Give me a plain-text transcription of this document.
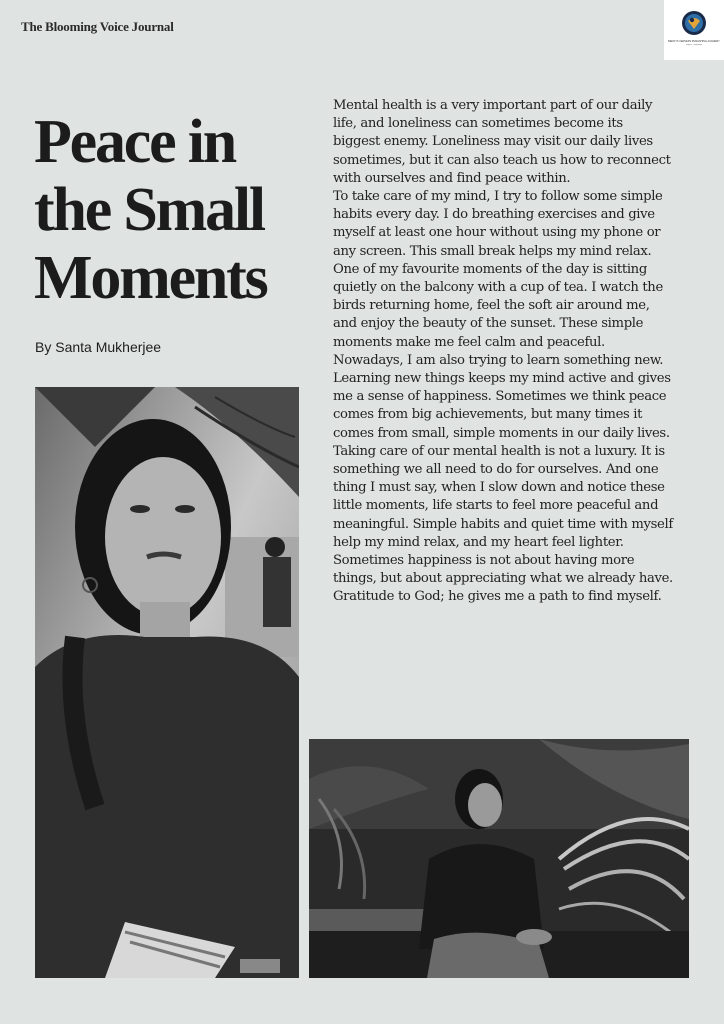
The Blooming Voice Journal
BEDOYS VERVEPS PUBLISHING ACADEMY
Inspire · Empower
Peace in
the Small
Moments
By Santa Mukherjee

Mental health is a very important part of our daily life, and loneliness can sometimes become its biggest enemy. Loneliness may visit our daily lives sometimes, but it can also teach us how to reconnect with ourselves and find peace within.

To take care of my mind, I try to follow some simple habits every day. I do breathing exercises and give myself at least one hour without using my phone or any screen. This small break helps my mind relax.

One of my favourite moments of the day is sitting quietly on the balcony with a cup of tea. I watch the birds returning home, feel the soft air around me, and enjoy the beauty of the sunset. These simple moments make me feel calm and peaceful.

Nowadays, I am also trying to learn something new. Learning new things keeps my mind active and gives me a sense of happiness. Sometimes we think peace comes from big achievements, but many times it comes from small, simple moments in our daily lives. Taking care of our mental health is not a luxury. It is something we all need to do for ourselves. And one thing I must say, when I slow down and notice these little moments, life starts to feel more peaceful and meaningful. Simple habits and quiet time with myself help my mind relax, and my heart feel lighter. Sometimes happiness is not about having more things, but about appreciating what we already have. Gratitude to God; he gives me a path to find myself.
